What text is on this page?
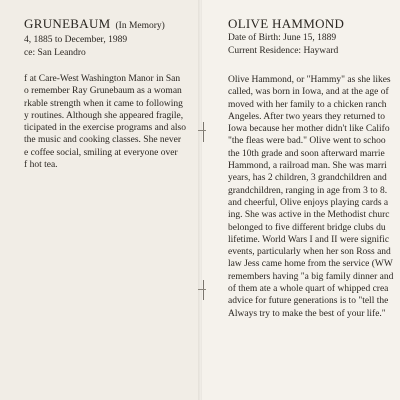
GRUNEBAUM (In Memory)
4, 1885 to December, 1989
ce: San Leandro
f at Care-West Washington Manor in San
o remember Ray Grunebaum as a woman
rkable strength when it came to following
y routines. Although she appeared fragile,
ticipated in the exercise programs and also
the music and cooking classes. She never
e coffee social, smiling at everyone over
f hot tea.
OLIVE HAMMOND
Date of Birth: June 15, 1889
Current Residence: Hayward
Olive Hammond, or "Hammy" as she likes
called, was born in Iowa, and at the age of
moved with her family to a chicken ranch
Angeles. After two years they returned to
Iowa because her mother didn't like Califo
"the fleas were bad." Olive went to schoo
the 10th grade and soon afterward marrie
Hammond, a railroad man. She was marri
years, has 2 children, 3 grandchildren and
grandchildren, ranging in age from 3 to 8.
and cheerful, Olive enjoys playing cards a
ing. She was active in the Methodist churc
belonged to five different bridge clubs du
lifetime. World Wars I and II were signific
events, particularly when her son Ross and
law Jess came home from the service (WW
remembers having "a big family dinner and
of them ate a whole quart of whipped crea
advice for future generations is to "tell the
Always try to make the best of your life."
